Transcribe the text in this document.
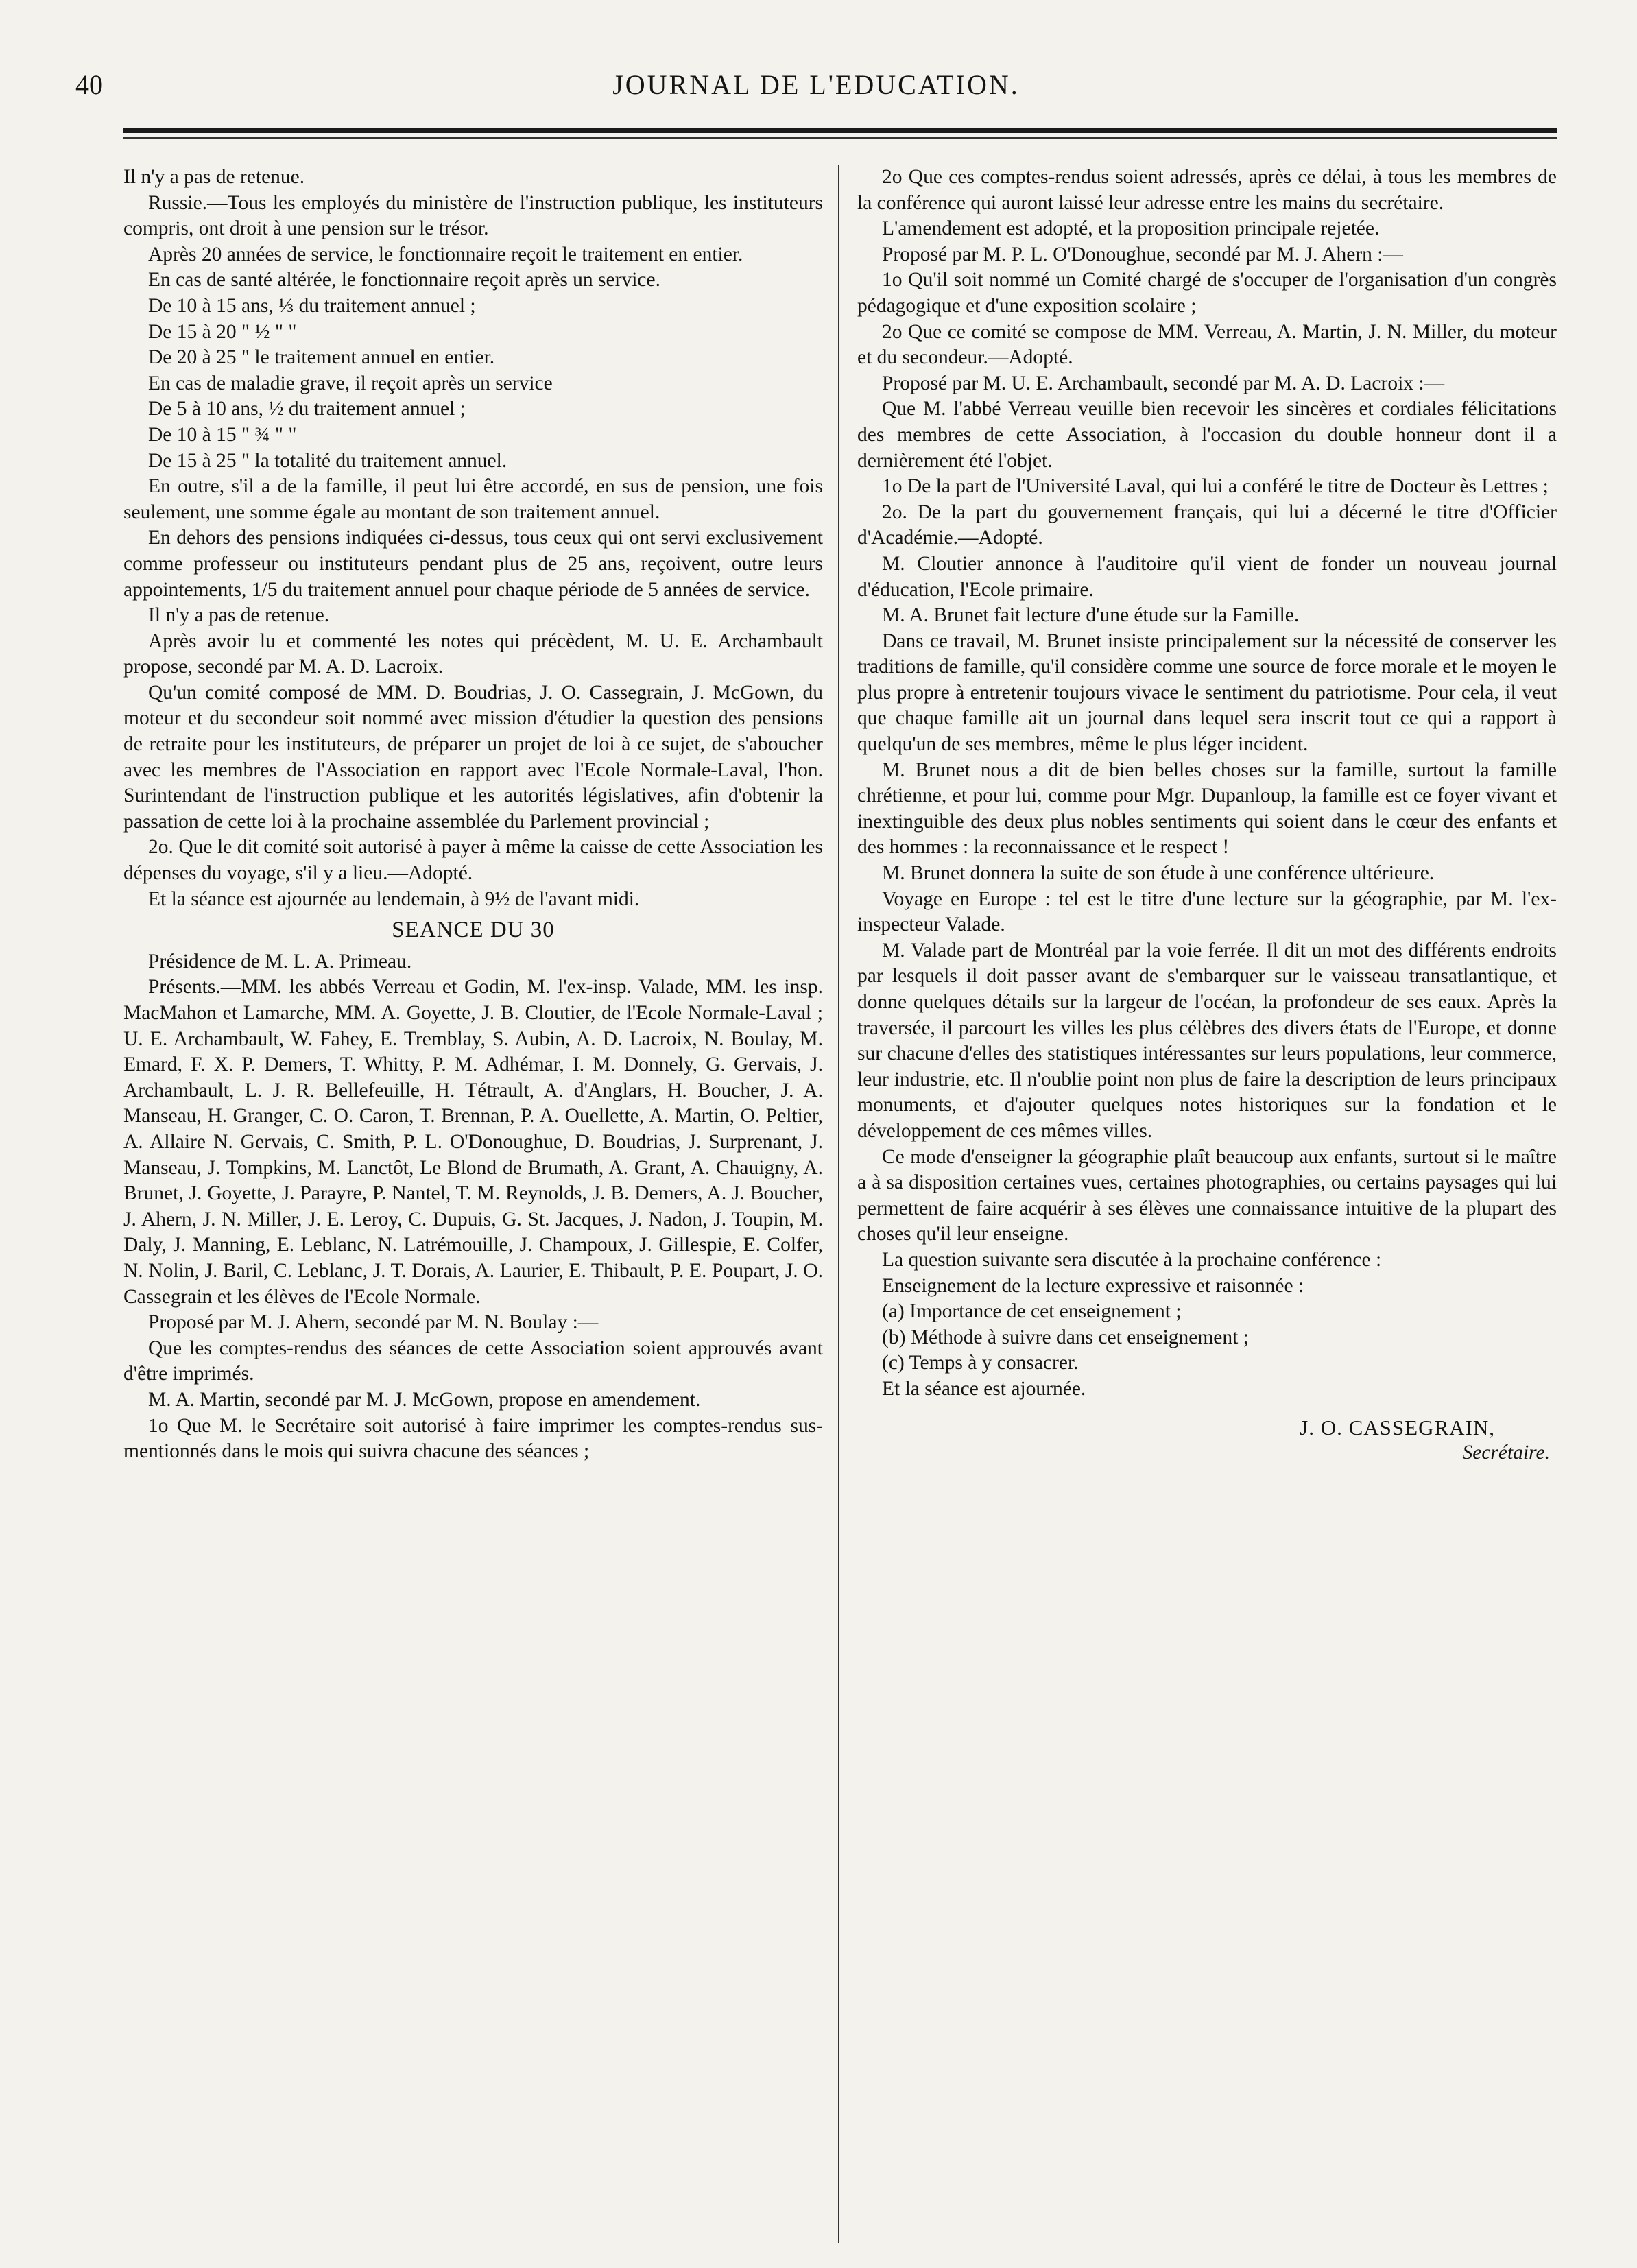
40	JOURNAL DE L'EDUCATION.

Il n'y a pas de retenue.

Russie.—Tous les employés du ministère de l'instruction publique, les instituteurs compris, ont droit à une pension sur le trésor.

Après 20 années de service, le fonctionnaire reçoit le traitement en entier.

En cas de santé altérée, le fonctionnaire reçoit après un service.

De 10 à 15 ans, ⅓ du traitement annuel ;

De 15 à 20 " ½ " "

De 20 à 25 " le traitement annuel en entier.

En cas de maladie grave, il reçoit après un service

De 5 à 10 ans, ½ du traitement annuel ;

De 10 à 15 " ¾ " "

De 15 à 25 " la totalité du traitement annuel.

En outre, s'il a de la famille, il peut lui être accordé, en sus de pension, une fois seulement, une somme égale au montant de son traitement annuel.

En dehors des pensions indiquées ci-dessus, tous ceux qui ont servi exclusivement comme professeur ou instituteurs pendant plus de 25 ans, reçoivent, outre leurs appointements, 1/5 du traitement annuel pour chaque période de 5 années de service.

Il n'y a pas de retenue.

Après avoir lu et commenté les notes qui précèdent, M. U. E. Archambault propose, secondé par M. A. D. Lacroix.

Qu'un comité composé de MM. D. Boudrias, J. O. Cassegrain, J. McGown, du moteur et du secondeur soit nommé avec mission d'étudier la question des pensions de retraite pour les instituteurs, de préparer un projet de loi à ce sujet, de s'aboucher avec les membres de l'Association en rapport avec l'Ecole Normale-Laval, l'hon. Surintendant de l'instruction publique et les autorités législatives, afin d'obtenir la passation de cette loi à la prochaine assemblée du Parlement provincial ;

2o. Que le dit comité soit autorisé à payer à même la caisse de cette Association les dépenses du voyage, s'il y a lieu.—Adopté.

Et la séance est ajournée au lendemain, à 9½ de l'avant midi.

SEANCE DU 30

Présidence de M. L. A. Primeau.

Présents.—MM. les abbés Verreau et Godin, M. l'ex-insp. Valade, MM. les insp. MacMahon et Lamarche, MM. A. Goyette, J. B. Cloutier, de l'Ecole Normale-Laval ; U. E. Archambault, W. Fahey, E. Tremblay, S. Aubin, A. D. Lacroix, N. Boulay, M. Emard, F. X. P. Demers, T. Whitty, P. M. Adhémar, I. M. Donnely, G. Gervais, J. Archambault, L. J. R. Bellefeuille, H. Tétrault, A. d'Anglars, H. Boucher, J. A. Manseau, H. Granger, C. O. Caron, T. Brennan, P. A. Ouellette, A. Martin, O. Peltier, A. Allaire N. Gervais, C. Smith, P. L. O'Donoughue, D. Boudrias, J. Surprenant, J. Manseau, J. Tompkins, M. Lanctôt, Le Blond de Brumath, A. Grant, A. Chauigny, A. Brunet, J. Goyette, J. Parayre, P. Nantel, T. M. Reynolds, J. B. Demers, A. J. Boucher, J. Ahern, J. N. Miller, J. E. Leroy, C. Dupuis, G. St. Jacques, J. Nadon, J. Toupin, M. Daly, J. Manning, E. Leblanc, N. Latrémouille, J. Champoux, J. Gillespie, E. Colfer, N. Nolin, J. Baril, C. Leblanc, J. T. Dorais, A. Laurier, E. Thibault, P. E. Poupart, J. O. Cassegrain et les élèves de l'Ecole Normale.

Proposé par M. J. Ahern, secondé par M. N. Boulay :—

Que les comptes-rendus des séances de cette Association soient approuvés avant d'être imprimés.

M. A. Martin, secondé par M. J. McGown, propose en amendement.

1o Que M. le Secrétaire soit autorisé à faire imprimer les comptes-rendus sus-mentionnés dans le mois qui suivra chacune des séances ;

2o Que ces comptes-rendus soient adressés, après ce délai, à tous les membres de la conférence qui auront laissé leur adresse entre les mains du secrétaire.

L'amendement est adopté, et la proposition principale rejetée.

Proposé par M. P. L. O'Donoughue, secondé par M. J. Ahern :—

1o Qu'il soit nommé un Comité chargé de s'occuper de l'organisation d'un congrès pédagogique et d'une exposition scolaire ;

2o Que ce comité se compose de MM. Verreau, A. Martin, J. N. Miller, du moteur et du secondeur.—Adopté.

Proposé par M. U. E. Archambault, secondé par M. A. D. Lacroix :—

Que M. l'abbé Verreau veuille bien recevoir les sincères et cordiales félicitations des membres de cette Association, à l'occasion du double honneur dont il a dernièrement été l'objet.

1o De la part de l'Université Laval, qui lui a conféré le titre de Docteur ès Lettres ;

2o. De la part du gouvernement français, qui lui a décerné le titre d'Officier d'Académie.—Adopté.

M. Cloutier annonce à l'auditoire qu'il vient de fonder un nouveau journal d'éducation, l'Ecole primaire.

M. A. Brunet fait lecture d'une étude sur la Famille.

Dans ce travail, M. Brunet insiste principalement sur la nécessité de conserver les traditions de famille, qu'il considère comme une source de force morale et le moyen le plus propre à entretenir toujours vivace le sentiment du patriotisme. Pour cela, il veut que chaque famille ait un journal dans lequel sera inscrit tout ce qui a rapport à quelqu'un de ses membres, même le plus léger incident.

M. Brunet nous a dit de bien belles choses sur la famille, surtout la famille chrétienne, et pour lui, comme pour Mgr. Dupanloup, la famille est ce foyer vivant et inextinguible des deux plus nobles sentiments qui soient dans le cœur des enfants et des hommes : la reconnaissance et le respect !

M. Brunet donnera la suite de son étude à une conférence ultérieure.

Voyage en Europe : tel est le titre d'une lecture sur la géographie, par M. l'ex-inspecteur Valade.

M. Valade part de Montréal par la voie ferrée. Il dit un mot des différents endroits par lesquels il doit passer avant de s'embarquer sur le vaisseau transatlantique, et donne quelques détails sur la largeur de l'océan, la profondeur de ses eaux. Après la traversée, il parcourt les villes les plus célèbres des divers états de l'Europe, et donne sur chacune d'elles des statistiques intéressantes sur leurs populations, leur commerce, leur industrie, etc. Il n'oublie point non plus de faire la description de leurs principaux monuments, et d'ajouter quelques notes historiques sur la fondation et le développement de ces mêmes villes.

Ce mode d'enseigner la géographie plaît beaucoup aux enfants, surtout si le maître a à sa disposition certaines vues, certaines photographies, ou certains paysages qui lui permettent de faire acquérir à ses élèves une connaissance intuitive de la plupart des choses qu'il leur enseigne.

La question suivante sera discutée à la prochaine conférence :

Enseignement de la lecture expressive et raisonnée :

(a) Importance de cet enseignement ;

(b) Méthode à suivre dans cet enseignement ;

(c) Temps à y consacrer.

Et la séance est ajournée.

J. O. CASSEGRAIN,

Secrétaire.
